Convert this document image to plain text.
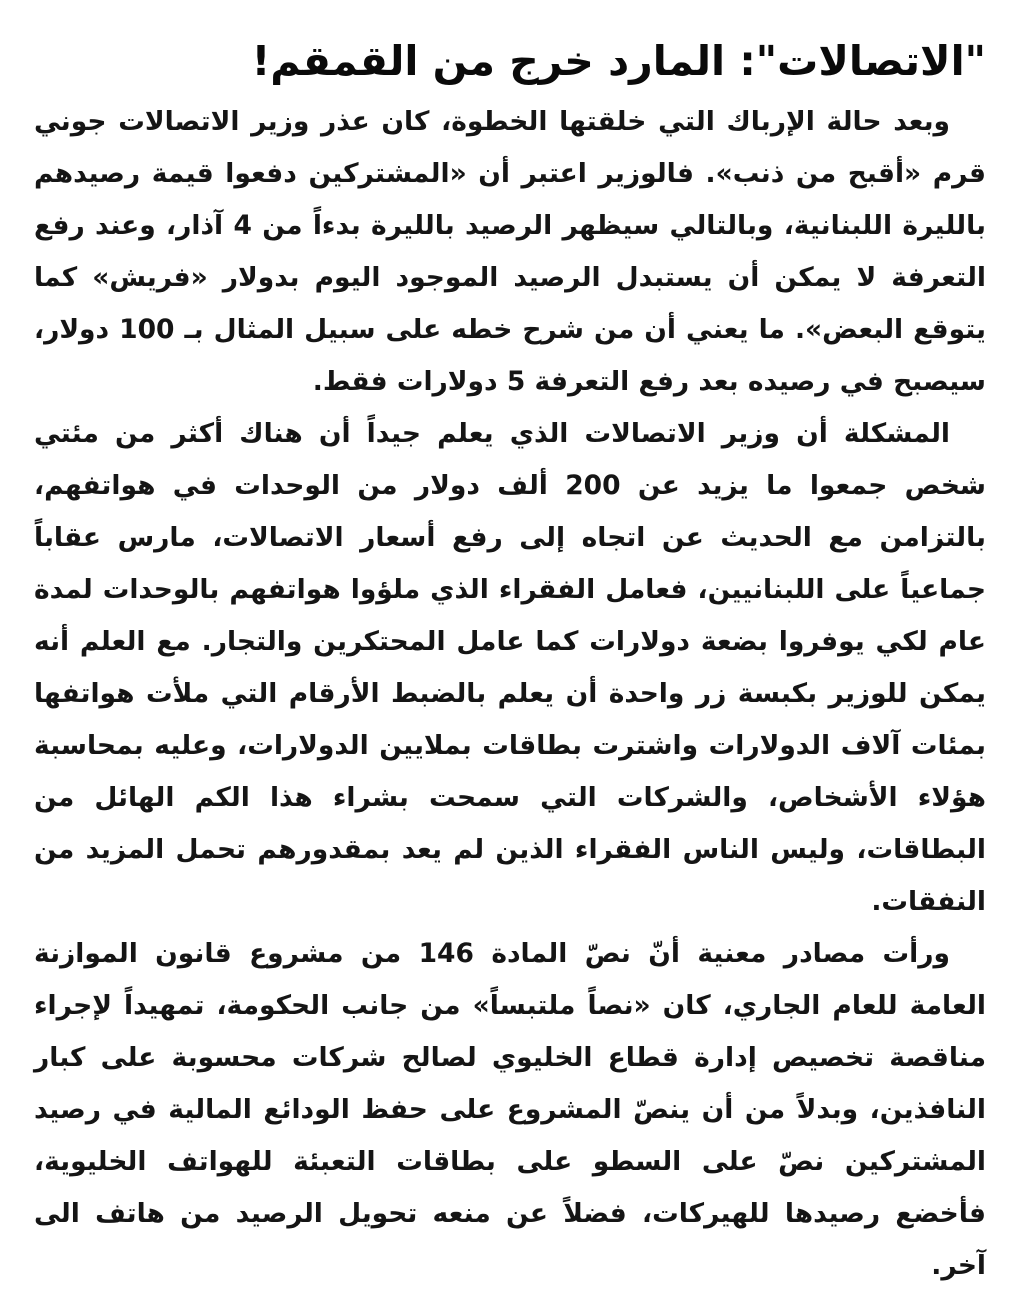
"الاتصالات": المارد خرج من القمقم!

وبعد حالة الإرباك التي خلقتها الخطوة، كان عذر وزير الاتصالات جوني قرم «أقبح من ذنب». فالوزير اعتبر أن «المشتركين دفعوا قيمة رصيدهم بالليرة اللبنانية، وبالتالي سيظهر الرصيد بالليرة بدءاً من 4 آذار، وعند رفع التعرفة لا يمكن أن يستبدل الرصيد الموجود اليوم بدولار «فريش» كما يتوقع البعض». ما يعني أن من شرح خطه على سبيل المثال بـ 100 دولار، سيصبح في رصيده بعد رفع التعرفة 5 دولارات فقط.

المشكلة أن وزير الاتصالات الذي يعلم جيداً أن هناك أكثر من مئتي شخص جمعوا ما يزيد عن 200 ألف دولار من الوحدات في هواتفهم، بالتزامن مع الحديث عن اتجاه إلى رفع أسعار الاتصالات، مارس عقاباً جماعياً على اللبنانيين، فعامل الفقراء الذي ملؤوا هواتفهم بالوحدات لمدة عام لكي يوفروا بضعة دولارات كما عامل المحتكرين والتجار. مع العلم أنه يمكن للوزير بكبسة زر واحدة أن يعلم بالضبط الأرقام التي ملأت هواتفها بمئات آلاف الدولارات واشترت بطاقات بملايين الدولارات، وعليه بمحاسبة هؤلاء الأشخاص، والشركات التي سمحت بشراء هذا الكم الهائل من البطاقات، وليس الناس الفقراء الذين لم يعد بمقدورهم تحمل المزيد من النفقات.

ورأت مصادر معنية أنّ نصّ المادة 146 من مشروع قانون الموازنة العامة للعام الجاري، كان «نصاً ملتبساً» من جانب الحكومة، تمهيداً لإجراء مناقصة تخصيص إدارة قطاع الخليوي لصالح شركات محسوبة على كبار النافذين، وبدلاً من أن ينصّ المشروع على حفظ الودائع المالية في رصيد المشتركين نصّ على السطو على بطاقات التعبئة للهواتف الخليوية، فأخضع رصيدها للهيركات، فضلاً عن منعه تحويل الرصيد من هاتف الى آخر.
